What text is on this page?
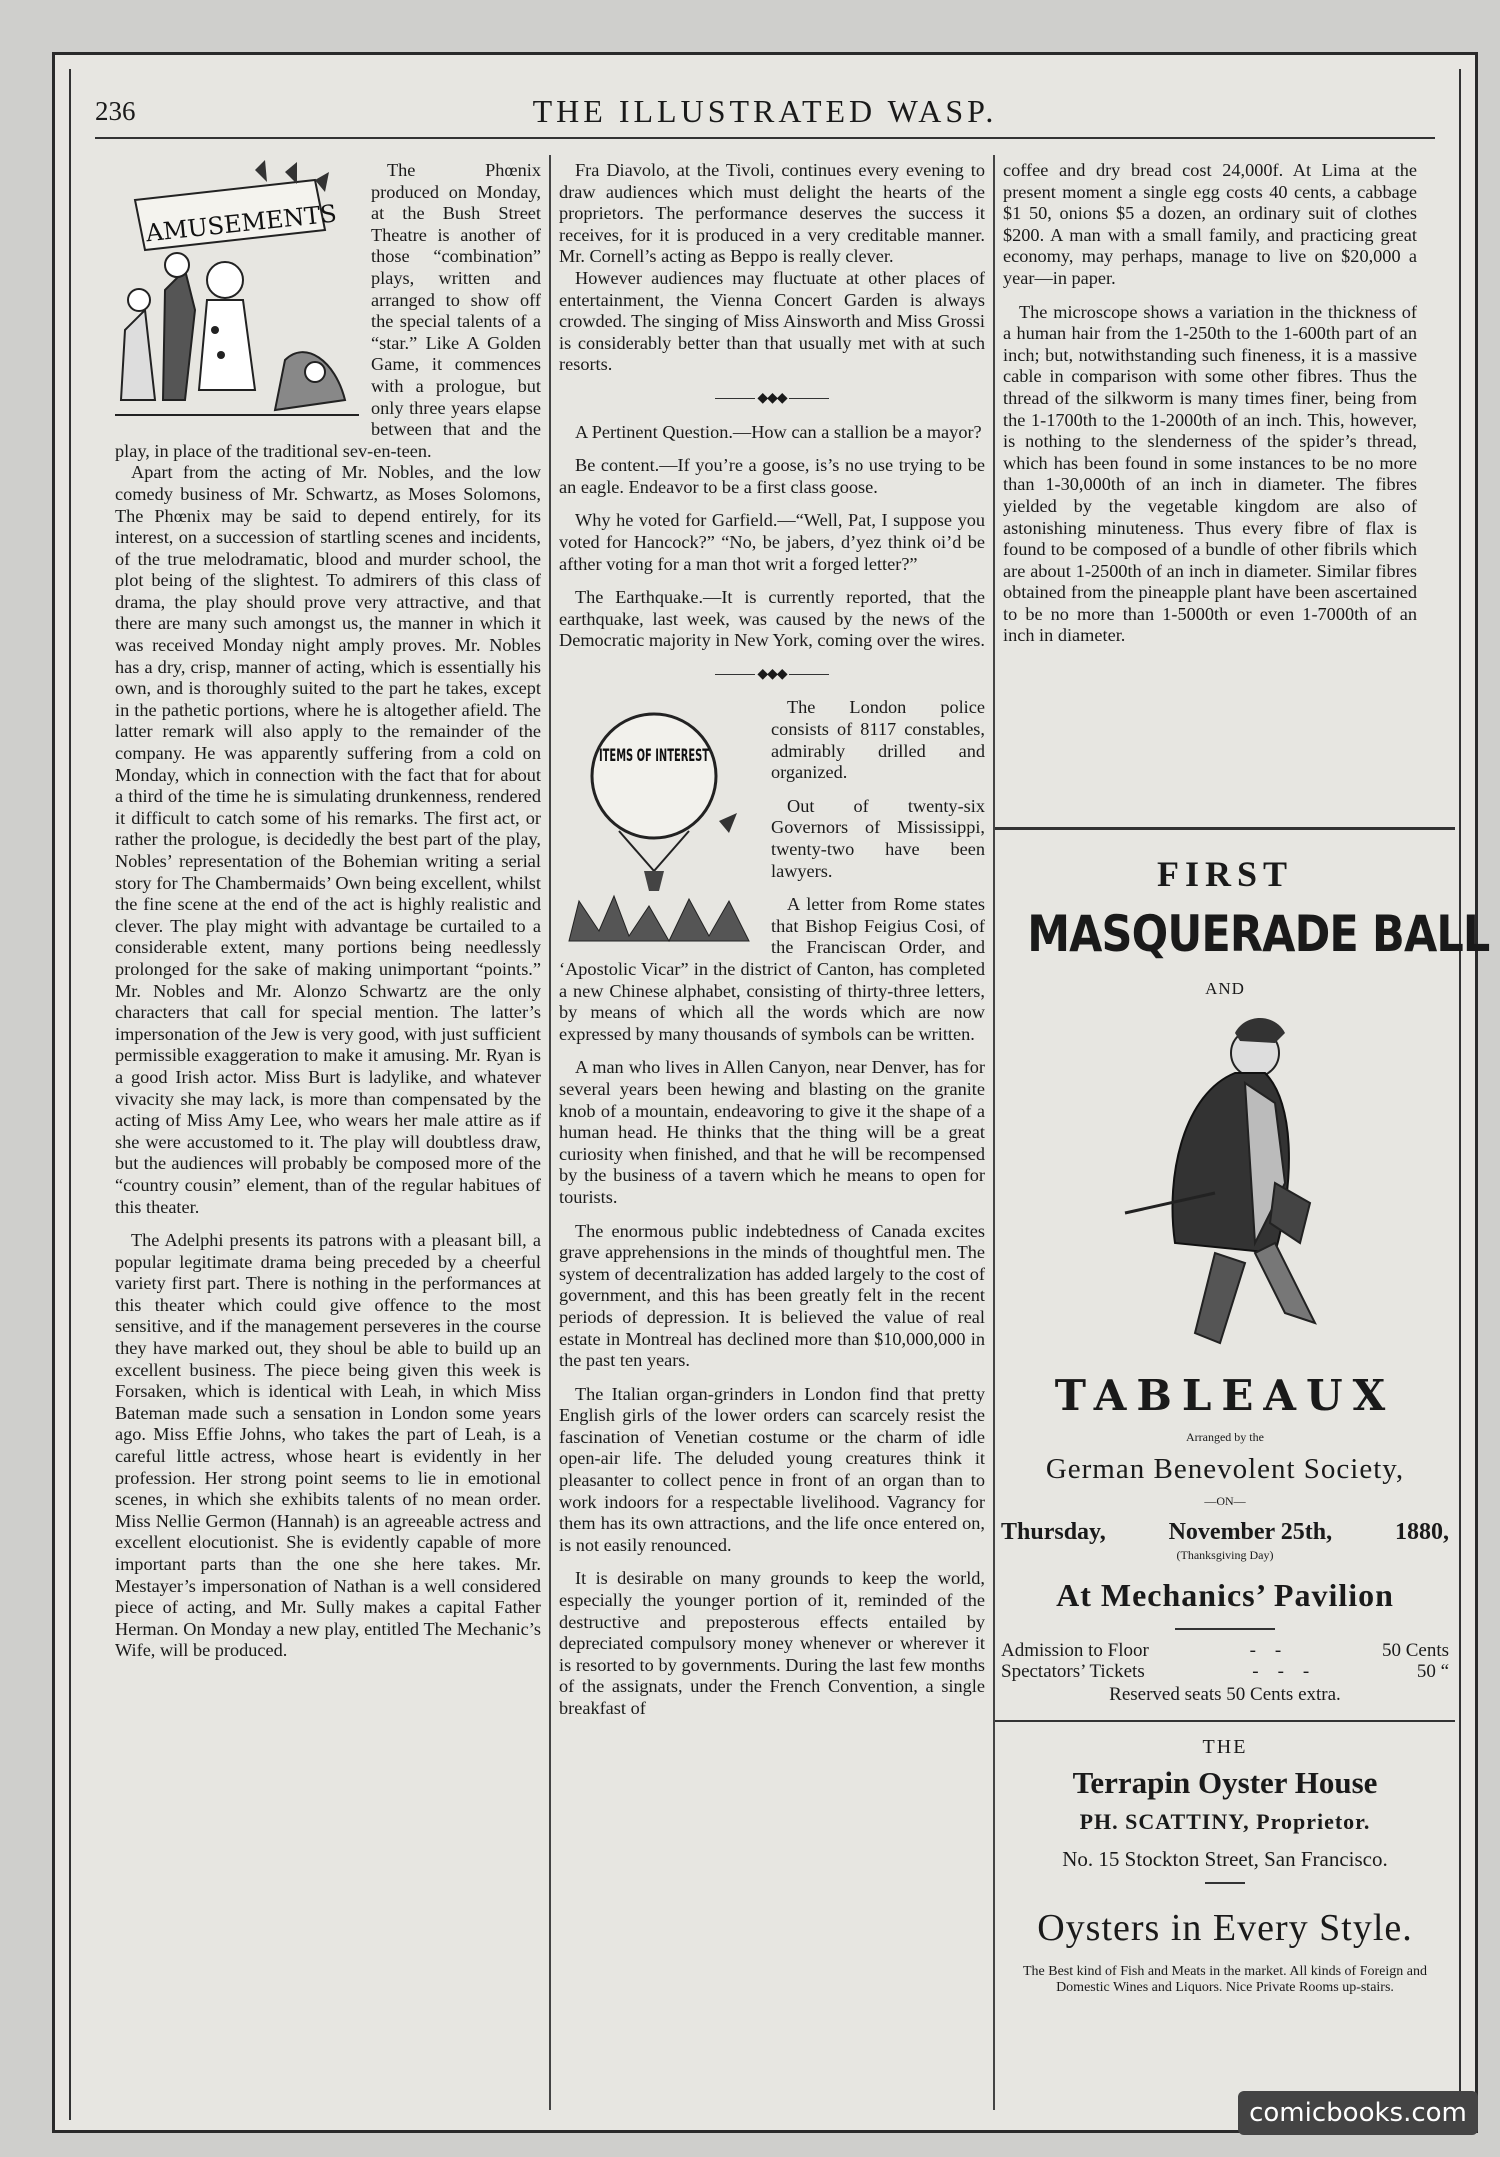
236	THE ILLUSTRATED WASP.
AMUSEMENTS

The Phœnix produced on Monday, at the Bush Street Theatre is another of those “combination” plays, written and arranged to show off the special talents of a “star.” Like A Golden Game, it commences with a prologue, but only three years elapse between that and the play, in place of the traditional sev-en-teen.

Apart from the acting of Mr. Nobles, and the low comedy business of Mr. Schwartz, as Moses Solomons, The Phœnix may be said to depend entirely, for its interest, on a succession of startling scenes and incidents, of the true melodramatic, blood and murder school, the plot being of the slightest. To admirers of this class of drama, the play should prove very attractive, and that there are many such amongst us, the manner in which it was received Monday night amply proves. Mr. Nobles has a dry, crisp, manner of acting, which is essentially his own, and is thoroughly suited to the part he takes, except in the pathetic portions, where he is altogether afield. The latter remark will also apply to the remainder of the company. He was apparently suffering from a cold on Monday, which in connection with the fact that for about a third of the time he is simulating drunkenness, rendered it difficult to catch some of his remarks. The first act, or rather the prologue, is decidedly the best part of the play, Nobles’ representation of the Bohemian writing a serial story for The Chambermaids’ Own being excellent, whilst the fine scene at the end of the act is highly realistic and clever. The play might with advantage be curtailed to a considerable extent, many portions being needlessly prolonged for the sake of making unimportant “points.” Mr. Nobles and Mr. Alonzo Schwartz are the only characters that call for special mention. The latter’s impersonation of the Jew is very good, with just sufficient permissible exaggeration to make it amusing. Mr. Ryan is a good Irish actor. Miss Burt is ladylike, and whatever vivacity she may lack, is more than compensated by the acting of Miss Amy Lee, who wears her male attire as if she were accustomed to it. The play will doubtless draw, but the audiences will probably be composed more of the “country cousin” element, than of the regular habitues of this theater.

The Adelphi presents its patrons with a pleasant bill, a popular legitimate drama being preceded by a cheerful variety first part. There is nothing in the performances at this theater which could give offence to the most sensitive, and if the management perseveres in the course they have marked out, they shoul be able to build up an excellent business. The piece being given this week is Forsaken, which is identical with Leah, in which Miss Bateman made such a sensation in London some years ago. Miss Effie Johns, who takes the part of Leah, is a careful little actress, whose heart is evidently in her profession. Her strong point seems to lie in emotional scenes, in which she exhibits talents of no mean order. Miss Nellie Germon (Hannah) is an agreeable actress and excellent elocutionist. She is evidently capable of more important parts than the one she here takes. Mr. Mestayer’s impersonation of Nathan is a well considered piece of acting, and Mr. Sully makes a capital Father Herman. On Monday a new play, entitled The Mechanic’s Wife, will be produced.

Fra Diavolo, at the Tivoli, continues every evening to draw audiences which must delight the hearts of the proprietors. The performance deserves the success it receives, for it is produced in a very creditable manner. Mr. Cornell’s acting as Beppo is really clever.

However audiences may fluctuate at other places of entertainment, the Vienna Concert Garden is always crowded. The singing of Miss Ainsworth and Miss Grossi is considerably better than that usually met with at such resorts.

◆◆◆

A Pertinent Question.—How can a stallion be a mayor?

Be content.—If you’re a goose, is’s no use trying to be an eagle. Endeavor to be a first class goose.

Why he voted for Garfield.—“Well, Pat, I suppose you voted for Hancock?” “No, be jabers, d’yez think oi’d be afther voting for a man thot writ a forged letter?”

The Earthquake.—It is currently reported, that the earthquake, last week, was caused by the news of the Democratic majority in New York, coming over the wires.

◆◆◆
ITEMS OF INTEREST

The London police consists of 8117 constables, admirably drilled and organized.

Out of twenty-six Governors of Mississippi, twenty-two have been lawyers.

A letter from Rome states that Bishop Feigius Cosi, of the Franciscan Order, and ‘Apostolic Vicar” in the district of Canton, has completed a new Chinese alphabet, consisting of thirty-three letters, by means of which all the words which are now expressed by many thousands of symbols can be written.

A man who lives in Allen Canyon, near Denver, has for several years been hewing and blasting on the granite knob of a mountain, endeavoring to give it the shape of a human head. He thinks that the thing will be a great curiosity when finished, and that he will be recompensed by the business of a tavern which he means to open for tourists.

The enormous public indebtedness of Canada excites grave apprehensions in the minds of thoughtful men. The system of decentralization has added largely to the cost of government, and this has been greatly felt in the recent periods of depression. It is believed the value of real estate in Montreal has declined more than $10,000,000 in the past ten years.

The Italian organ-grinders in London find that pretty English girls of the lower orders can scarcely resist the fascination of Venetian costume or the charm of idle open-air life. The deluded young creatures think it pleasanter to collect pence in front of an organ than to work indoors for a respectable livelihood. Vagrancy for them has its own attractions, and the life once entered on, is not easily renounced.

It is desirable on many grounds to keep the world, especially the younger portion of it, reminded of the destructive and preposterous effects entailed by depreciated compulsory money whenever or wherever it is resorted to by governments. During the last few months of the assignats, under the French Convention, a single breakfast of

coffee and dry bread cost 24,000f. At Lima at the present moment a single egg costs 40 cents, a cabbage $1 50, onions $5 a dozen, an ordinary suit of clothes $200. A man with a small family, and practicing great economy, may perhaps, manage to live on $20,000 a year—in paper.

The microscope shows a variation in the thickness of a human hair from the 1-250th to the 1-600th part of an inch; but, notwithstanding such fineness, it is a massive cable in comparison with some other fibres. Thus the thread of the silkworm is many times finer, being from the 1-1700th to the 1-2000th of an inch. This, however, is nothing to the slenderness of the spider’s thread, which has been found in some instances to be no more than 1-30,000th of an inch in diameter. The fibres yielded by the vegetable kingdom are also of astonishing minuteness. Thus every fibre of flax is found to be composed of a bundle of other fibrils which are about 1-2500th of an inch in diameter. Similar fibres obtained from the pineapple plant have been ascertained to be no more than 1-5000th or even 1-7000th of an inch in diameter.

FIRST
MASQUERADE BALL
AND
TABLEAUX
Arranged by the
German Benevolent Society,
—ON—
Thursday,	November 25th,	1880,
(Thanksgiving Day)
At Mechanics’ Pavilion
Admission to Floor	-    -	50 Cents
Spectators’ Tickets	-    -    -	50 “
Reserved seats 50 Cents extra.
THE
Terrapin Oyster House
PH. SCATTINY, Proprietor.
No. 15 Stockton Street, San Francisco.
Oysters in Every Style.
The Best kind of Fish and Meats in the market. All kinds of Foreign and Domestic Wines and Liquors. Nice Private Rooms up-stairs.
comicbooks.com
